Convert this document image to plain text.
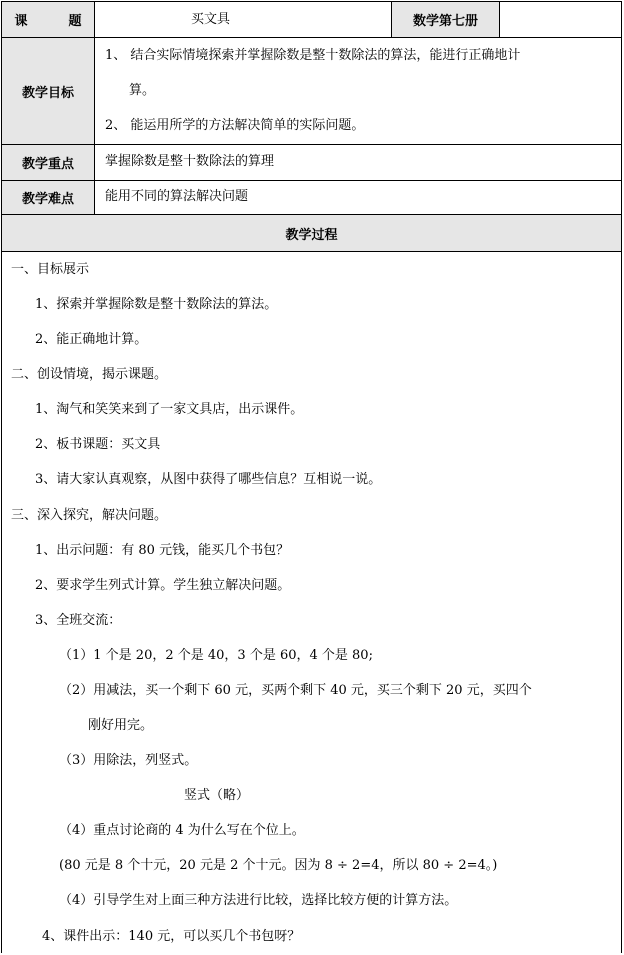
课 题	买文具	数学第七册
教学目标
1、 结合实际情境探索并掌握除数是整十数除法的算法，能进行正确地计
算。
2、 能运用所学的方法解决简单的实际问题。
教学重点 掌握除数是整十数除法的算理
教学难点 能用不同的算法解决问题
教学过程
一、目标展示
1、探索并掌握除数是整十数除法的算法。
2、能正确地计算。
二、创设情境，揭示课题。
1、淘气和笑笑来到了一家文具店，出示课件。
2、板书课题：买文具
3、请大家认真观察，从图中获得了哪些信息？互相说一说。
三、深入探究，解决问题。
1、出示问题：有 80 元钱，能买几个书包？
2、要求学生列式计算。学生独立解决问题。
3、全班交流：
（1）1 个是 20，2 个是 40，3 个是 60，4 个是 80;
（2）用减法，买一个剩下 60 元，买两个剩下 40 元，买三个剩下 20 元，买四个
刚好用完。
（3）用除法，列竖式。
竖式（略）
（4）重点讨论商的 4 为什么写在个位上。
(80 元是 8 个十元，20 元是 2 个十元。因为 8 ÷ 2=4，所以 80 ÷ 2=4。)
（4）引导学生对上面三种方法进行比较，选择比较方便的计算方法。
4、课件出示：140 元，可以买几个书包呀？
